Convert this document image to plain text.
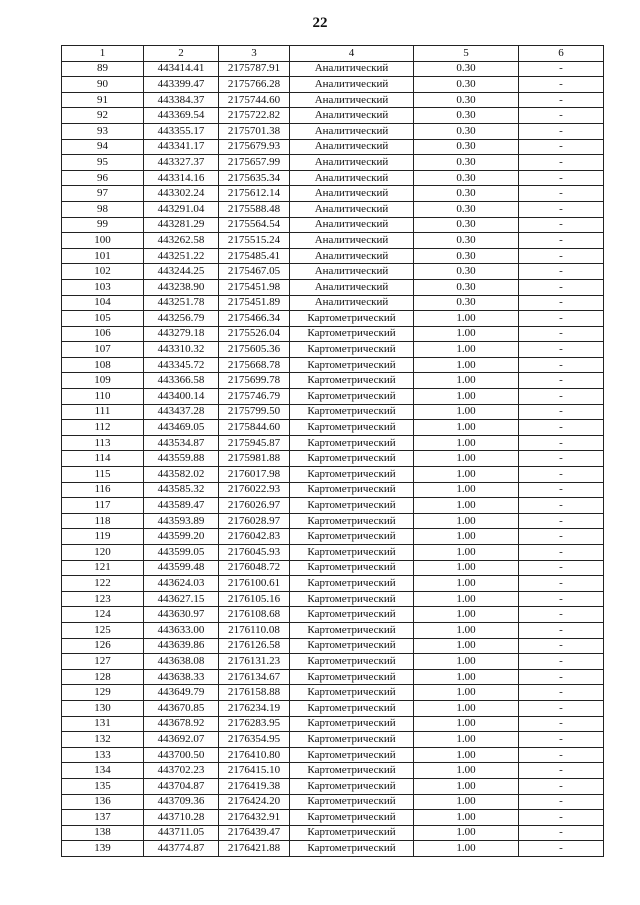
22
1	2	3	4	5	6
89	443414.41	2175787.91	Аналитический	0.30	-
90	443399.47	2175766.28	Аналитический	0.30	-
91	443384.37	2175744.60	Аналитический	0.30	-
92	443369.54	2175722.82	Аналитический	0.30	-
93	443355.17	2175701.38	Аналитический	0.30	-
94	443341.17	2175679.93	Аналитический	0.30	-
95	443327.37	2175657.99	Аналитический	0.30	-
96	443314.16	2175635.34	Аналитический	0.30	-
97	443302.24	2175612.14	Аналитический	0.30	-
98	443291.04	2175588.48	Аналитический	0.30	-
99	443281.29	2175564.54	Аналитический	0.30	-
100	443262.58	2175515.24	Аналитический	0.30	-
101	443251.22	2175485.41	Аналитический	0.30	-
102	443244.25	2175467.05	Аналитический	0.30	-
103	443238.90	2175451.98	Аналитический	0.30	-
104	443251.78	2175451.89	Аналитический	0.30	-
105	443256.79	2175466.34	Картометрический	1.00	-
106	443279.18	2175526.04	Картометрический	1.00	-
107	443310.32	2175605.36	Картометрический	1.00	-
108	443345.72	2175668.78	Картометрический	1.00	-
109	443366.58	2175699.78	Картометрический	1.00	-
110	443400.14	2175746.79	Картометрический	1.00	-
111	443437.28	2175799.50	Картометрический	1.00	-
112	443469.05	2175844.60	Картометрический	1.00	-
113	443534.87	2175945.87	Картометрический	1.00	-
114	443559.88	2175981.88	Картометрический	1.00	-
115	443582.02	2176017.98	Картометрический	1.00	-
116	443585.32	2176022.93	Картометрический	1.00	-
117	443589.47	2176026.97	Картометрический	1.00	-
118	443593.89	2176028.97	Картометрический	1.00	-
119	443599.20	2176042.83	Картометрический	1.00	-
120	443599.05	2176045.93	Картометрический	1.00	-
121	443599.48	2176048.72	Картометрический	1.00	-
122	443624.03	2176100.61	Картометрический	1.00	-
123	443627.15	2176105.16	Картометрический	1.00	-
124	443630.97	2176108.68	Картометрический	1.00	-
125	443633.00	2176110.08	Картометрический	1.00	-
126	443639.86	2176126.58	Картометрический	1.00	-
127	443638.08	2176131.23	Картометрический	1.00	-
128	443638.33	2176134.67	Картометрический	1.00	-
129	443649.79	2176158.88	Картометрический	1.00	-
130	443670.85	2176234.19	Картометрический	1.00	-
131	443678.92	2176283.95	Картометрический	1.00	-
132	443692.07	2176354.95	Картометрический	1.00	-
133	443700.50	2176410.80	Картометрический	1.00	-
134	443702.23	2176415.10	Картометрический	1.00	-
135	443704.87	2176419.38	Картометрический	1.00	-
136	443709.36	2176424.20	Картометрический	1.00	-
137	443710.28	2176432.91	Картометрический	1.00	-
138	443711.05	2176439.47	Картометрический	1.00	-
139	443774.87	2176421.88	Картометрический	1.00	-
